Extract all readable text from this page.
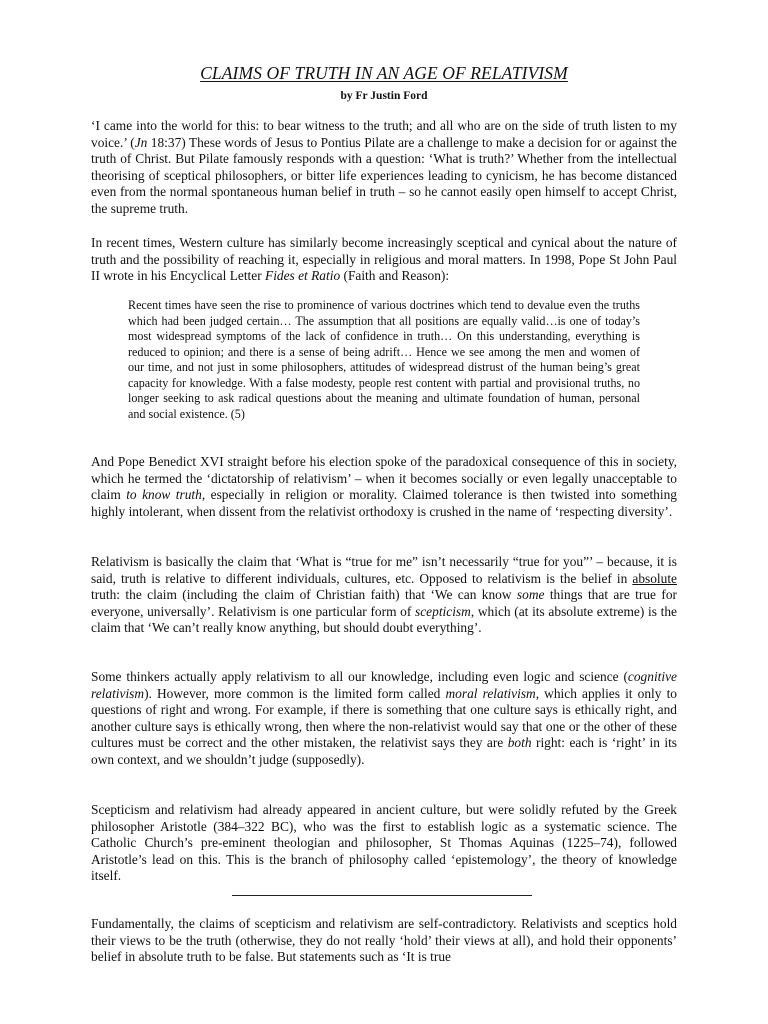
CLAIMS OF TRUTH IN AN AGE OF RELATIVISM
by Fr Justin Ford

‘I came into the world for this: to bear witness to the truth; and all who are on the side of truth listen to my voice.’ (Jn 18:37) These words of Jesus to Pontius Pilate are a challenge to make a decision for or against the truth of Christ. But Pilate famously responds with a question: ‘What is truth?’ Whether from the intellectual theorising of sceptical philosophers, or bitter life experiences leading to cynicism, he has become distanced even from the normal spontaneous human belief in truth – so he cannot easily open himself to accept Christ, the supreme truth.

In recent times, Western culture has similarly become increasingly sceptical and cynical about the nature of truth and the possibility of reaching it, especially in religious and moral matters. In 1998, Pope St John Paul II wrote in his Encyclical Letter Fides et Ratio (Faith and Reason):

Recent times have seen the rise to prominence of various doctrines which tend to devalue even the truths which had been judged certain… The assumption that all positions are equally valid…is one of today’s most widespread symptoms of the lack of confidence in truth… On this understanding, everything is reduced to opinion; and there is a sense of being adrift… Hence we see among the men and women of our time, and not just in some philosophers, attitudes of widespread distrust of the human being’s great capacity for knowledge. With a false modesty, people rest content with partial and provisional truths, no longer seeking to ask radical questions about the meaning and ultimate foundation of human, personal and social existence. (5)

And Pope Benedict XVI straight before his election spoke of the paradoxical consequence of this in society, which he termed the ‘dictatorship of relativism’ – when it becomes socially or even legally unacceptable to claim to know truth, especially in religion or morality. Claimed tolerance is then twisted into something highly intolerant, when dissent from the relativist orthodoxy is crushed in the name of ‘respecting diversity’.

Relativism is basically the claim that ‘What is “true for me” isn’t necessarily “true for you”’ – because, it is said, truth is relative to different individuals, cultures, etc. Opposed to relativism is the belief in absolute truth: the claim (including the claim of Christian faith) that ‘We can know some things that are true for everyone, universally’. Relativism is one particular form of scepticism, which (at its absolute extreme) is the claim that ‘We can’t really know anything, but should doubt everything’.

Some thinkers actually apply relativism to all our knowledge, including even logic and science (cognitive relativism). However, more common is the limited form called moral relativism, which applies it only to questions of right and wrong. For example, if there is something that one culture says is ethically right, and another culture says is ethically wrong, then where the non-relativist would say that one or the other of these cultures must be correct and the other mistaken, the relativist says they are both right: each is ‘right’ in its own context, and we shouldn’t judge (supposedly).

Scepticism and relativism had already appeared in ancient culture, but were solidly refuted by the Greek philosopher Aristotle (384–322 BC), who was the first to establish logic as a systematic science. The Catholic Church’s pre-eminent theologian and philosopher, St Thomas Aquinas (1225–74), followed Aristotle’s lead on this. This is the branch of philosophy called ‘epistemology’, the theory of knowledge itself.

Fundamentally, the claims of scepticism and relativism are self-contradictory. Relativists and sceptics hold their views to be the truth (otherwise, they do not really ‘hold’ their views at all), and hold their opponents’ belief in absolute truth to be false. But statements such as ‘It is true
